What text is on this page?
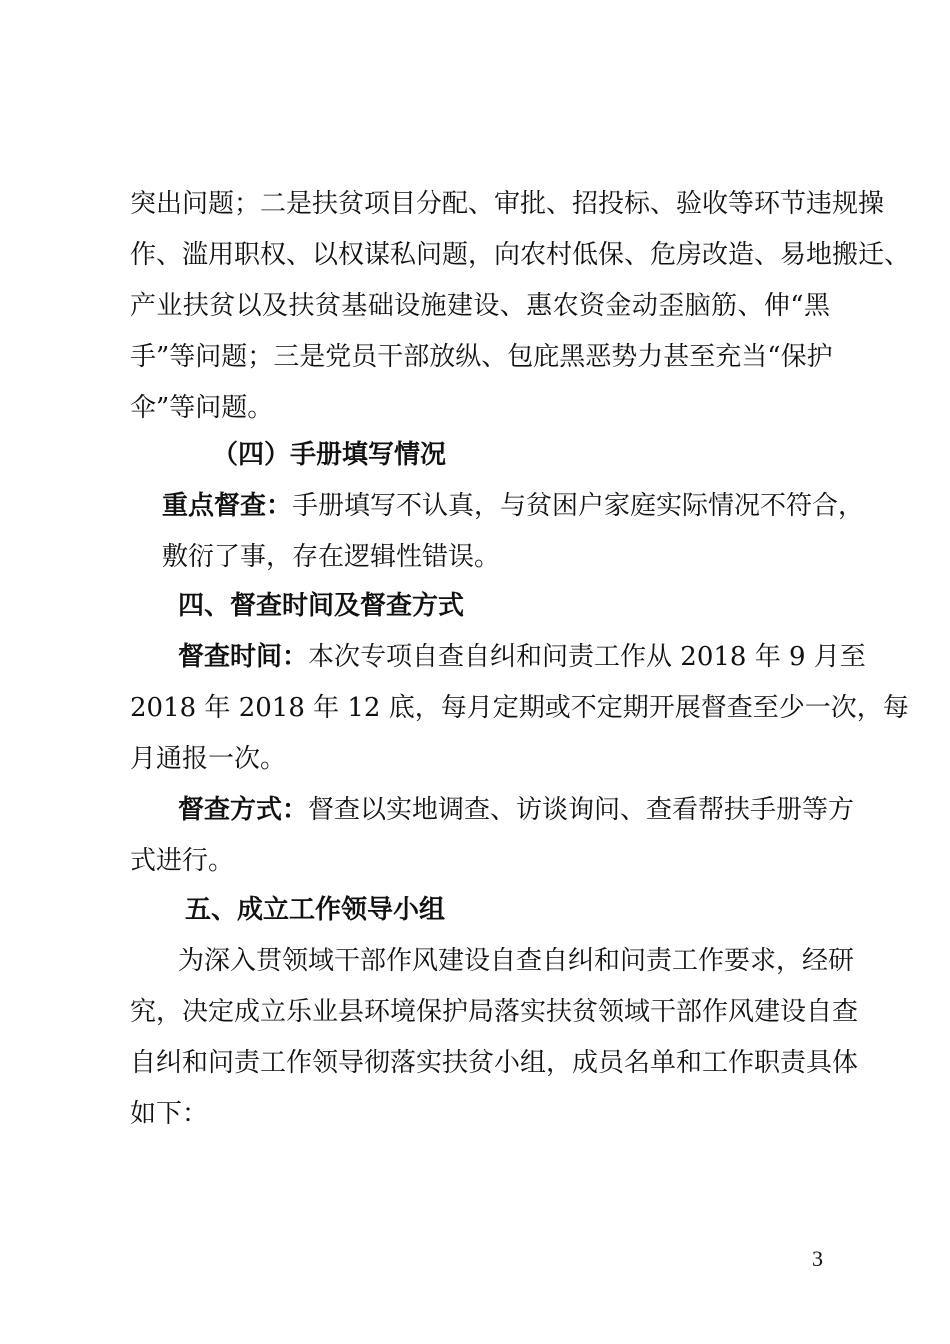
突出问题；二是扶贫项目分配、审批、招投标、验收等环节违规操

作、滥用职权、以权谋私问题，向农村低保、危房改造、易地搬迁、

产业扶贫以及扶贫基础设施建设、惠农资金动歪脑筋、伸“黑

手”等问题；三是党员干部放纵、包庇黑恶势力甚至充当“保护

伞”等问题。

（四）手册填写情况

重点督查：手册填写不认真，与贫困户家庭实际情况不符合，

敷衍了事，存在逻辑性错误。

四、督查时间及督查方式

督查时间：本次专项自查自纠和问责工作从 2018 年 9 月至

2018 年 2018 年 12 底，每月定期或不定期开展督查至少一次，每

月通报一次。

督查方式：督查以实地调查、访谈询问、查看帮扶手册等方

式进行。

五、成立工作领导小组

为深入贯领域干部作风建设自查自纠和问责工作要求，经研

究，决定成立乐业县环境保护局落实扶贫领域干部作风建设自查

自纠和问责工作领导彻落实扶贫小组，成员名单和工作职责具体

如下：

3
